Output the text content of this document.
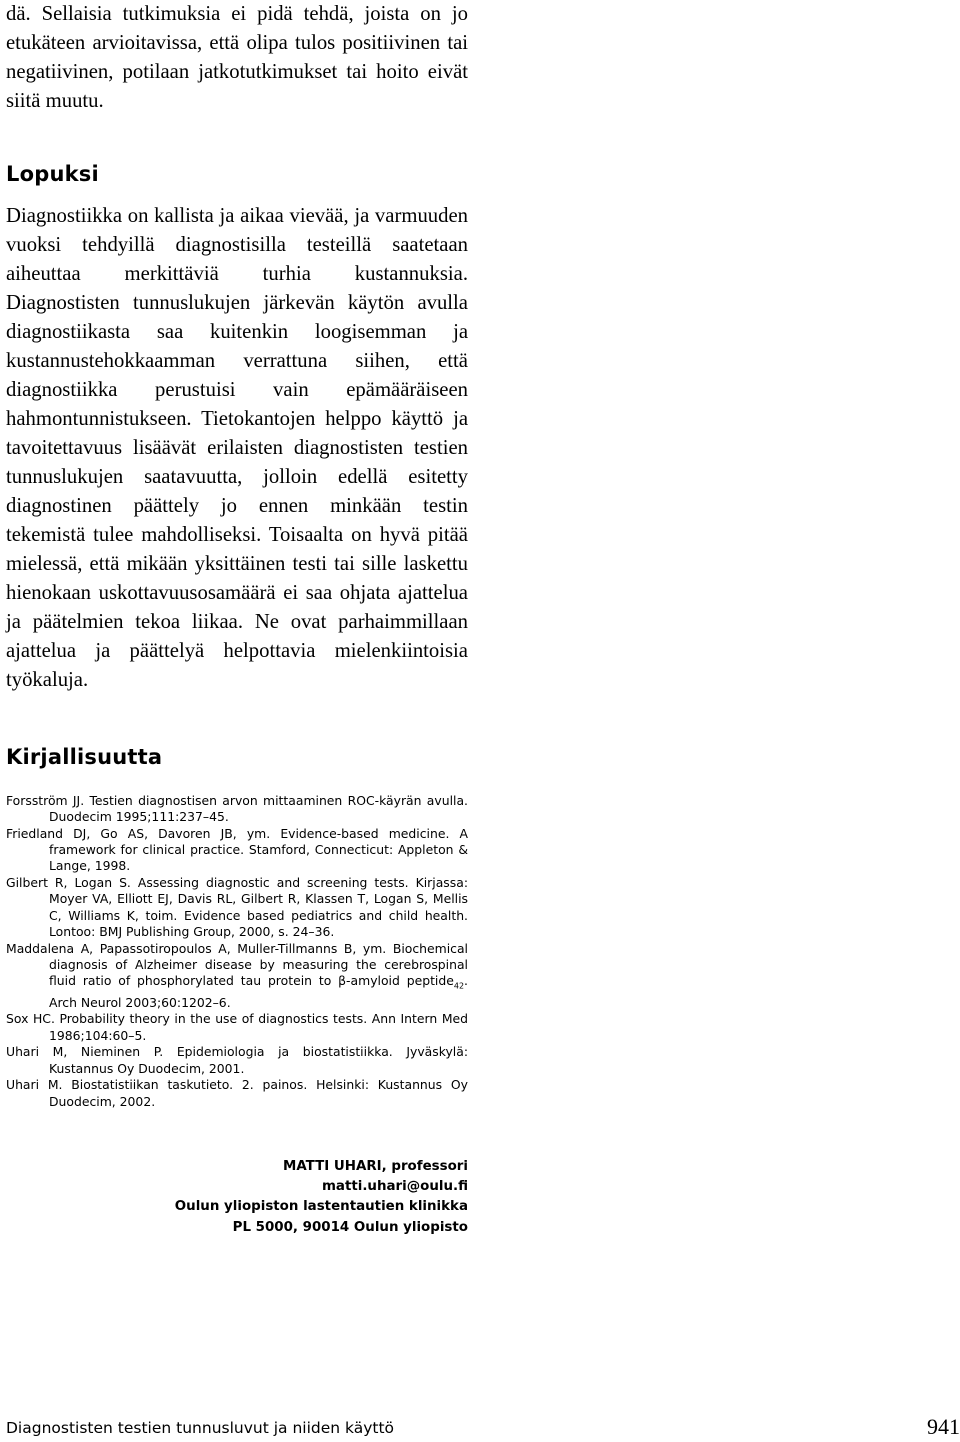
dä. Sellaisia tutkimuksia ei pidä tehdä, joista on jo etukäteen arvioitavissa, että olipa tulos positiivinen tai negatiivinen, potilaan jatkotutkimukset tai hoito eivät siitä muutu.

Lopuksi

Diagnostiikka on kallista ja aikaa vievää, ja varmuuden vuoksi tehdyillä diagnostisilla testeillä saatetaan aiheuttaa merkittäviä turhia kustannuksia. Diagnostisten tunnuslukujen järkevän käytön avulla diagnostiikasta saa kuitenkin loogisemman ja kustannustehokkaamman verrattuna siihen, että diagnostiikka perustuisi vain epämääräiseen hahmontunnistukseen. Tietokantojen helppo käyttö ja tavoitettavuus lisäävät erilaisten diagnostisten testien tunnuslukujen saatavuutta, jolloin edellä esitetty diagnostinen päättely jo ennen minkään testin tekemistä tulee mahdolliseksi. Toisaalta on hyvä pitää mielessä, että mikään yksittäinen testi tai sille laskettu hienokaan uskottavuusosamäärä ei saa ohjata ajattelua ja päätelmien tekoa liikaa. Ne ovat parhaimmillaan ajattelua ja päättelyä helpottavia mielenkiintoisia työkaluja.

Kirjallisuutta
Forsström JJ. Testien diagnostisen arvon mittaaminen ROC-käyrän avulla. Duodecim 1995;111:237–45.
Friedland DJ, Go AS, Davoren JB, ym. Evidence-based medicine. A framework for clinical practice. Stamford, Connecticut: Appleton & Lange, 1998.
Gilbert R, Logan S. Assessing diagnostic and screening tests. Kirjassa: Moyer VA, Elliott EJ, Davis RL, Gilbert R, Klassen T, Logan S, Mellis C, Williams K, toim. Evidence based pediatrics and child health. Lontoo: BMJ Publishing Group, 2000, s. 24–36.
Maddalena A, Papassotiropoulos A, Muller-Tillmanns B, ym. Biochemical diagnosis of Alzheimer disease by measuring the cerebrospinal fluid ratio of phosphorylated tau protein to β-amyloid peptide$_{42}$. Arch Neurol 2003;60:1202–6.
Sox HC. Probability theory in the use of diagnostics tests. Ann Intern Med 1986;104:60–5.
Uhari M, Nieminen P. Epidemiologia ja biostatistiikka. Jyväskylä: Kustannus Oy Duodecim, 2001.
Uhari M. Biostatistiikan taskutieto. 2. painos. Helsinki: Kustannus Oy Duodecim, 2002.
MATTI UHARI, professori
matti.uhari@oulu.fi
Oulun yliopiston lastentautien klinikka
PL 5000, 90014 Oulun yliopisto
Diagnostisten testien tunnusluvut ja niiden käyttö	941
